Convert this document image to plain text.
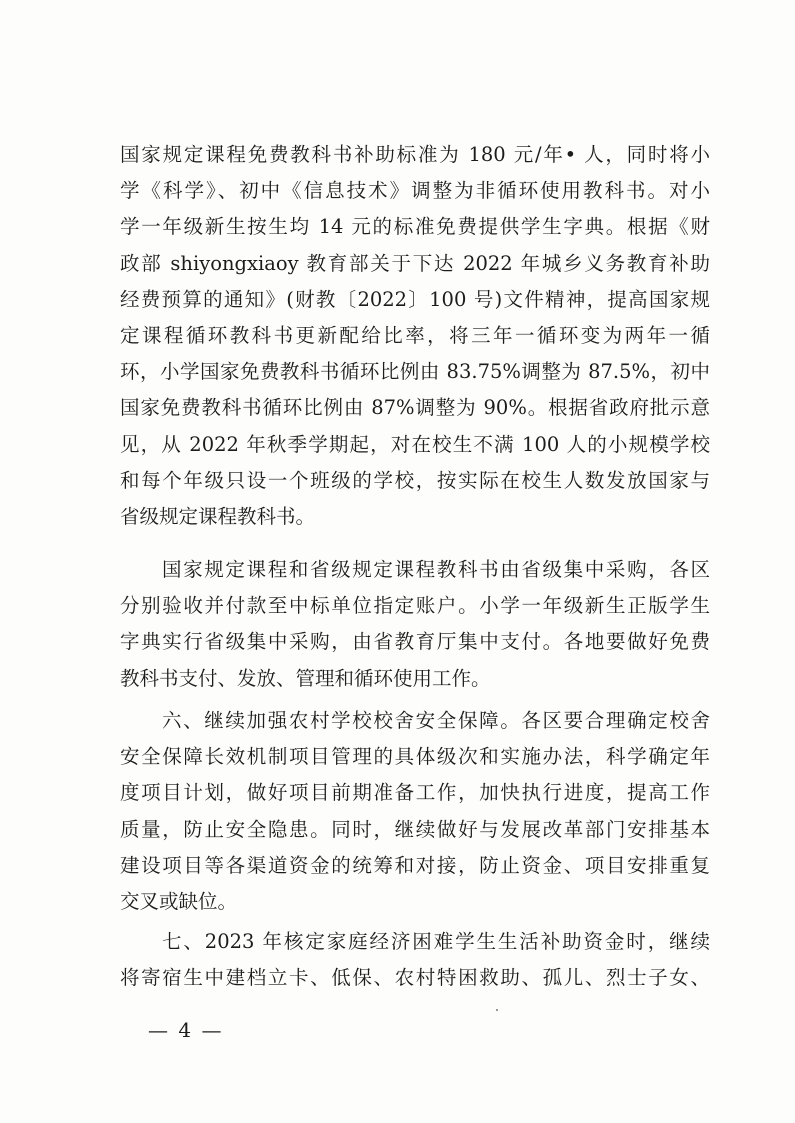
国家规定课程免费教科书补助标准为 180 元/年• 人，同时将小
学《科学》、初中《信息技术》调整为非循环使用教科书。对小
学一年级新生按生均 14 元的标准免费提供学生字典。根据《财
政部 shiyongxiaoy 教育部关于下达 2022 年城乡义务教育补助
经费预算的通知》(财教〔2022〕100 号)文件精神，提高国家规
定课程循环教科书更新配给比率，将三年一循环变为两年一循
环，小学国家免费教科书循环比例由 83.75%调整为 87.5%，初中
国家免费教科书循环比例由 87%调整为 90%。根据省政府批示意
见，从 2022 年秋季学期起，对在校生不满 100 人的小规模学校
和每个年级只设一个班级的学校，按实际在校生人数发放国家与
省级规定课程教科书。
国家规定课程和省级规定课程教科书由省级集中采购，各区
分别验收并付款至中标单位指定账户。小学一年级新生正版学生
字典实行省级集中采购，由省教育厅集中支付。各地要做好免费
教科书支付、发放、管理和循环使用工作。
六、继续加强农村学校校舍安全保障。各区要合理确定校舍
安全保障长效机制项目管理的具体级次和实施办法，科学确定年
度项目计划，做好项目前期准备工作，加快执行进度，提高工作
质量，防止安全隐患。同时，继续做好与发展改革部门安排基本
建设项目等各渠道资金的统筹和对接，防止资金、项目安排重复
交叉或缺位。
七、2023 年核定家庭经济困难学生生活补助资金时，继续
将寄宿生中建档立卡、低保、农村特困救助、孤儿、烈士子女、
— 4 —
